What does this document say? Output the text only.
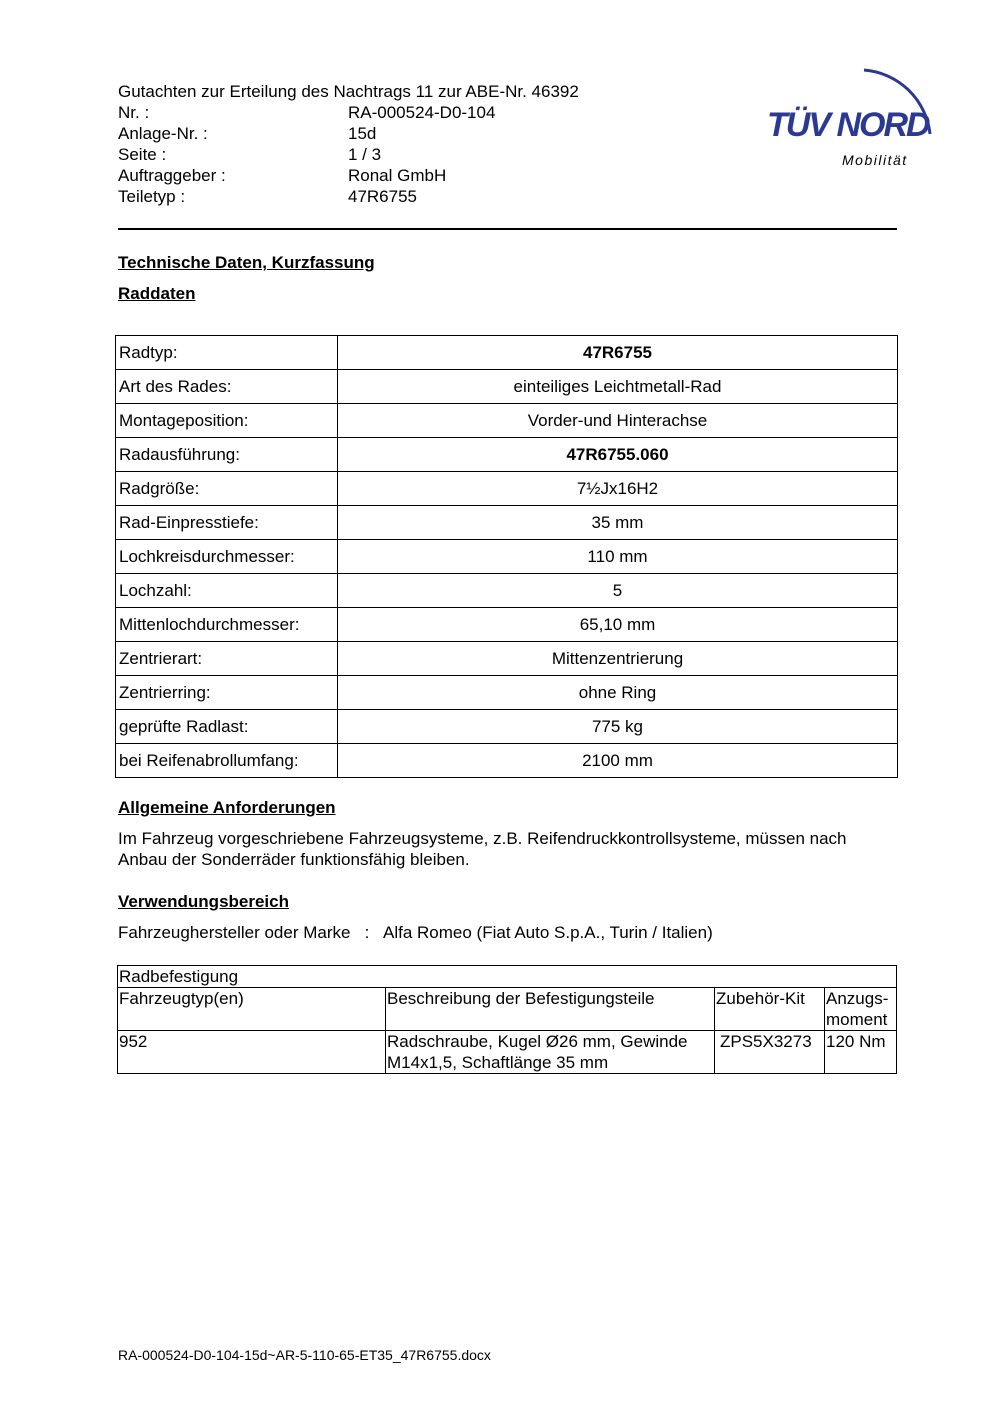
Gutachten zur Erteilung des Nachtrags 11 zur ABE-Nr. 46392
Nr. :	RA-000524-D0-104
Anlage-Nr. :	15d
Seite :	1 / 3
Auftraggeber :	Ronal GmbH
Teiletyp :	47R6755
TÜV NORD
Mobilität
Technische Daten, Kurzfassung
Raddaten
Radtyp:	47R6755
Art des Rades:	einteiliges Leichtmetall-Rad
Montageposition:	Vorder-und Hinterachse
Radausführung:	47R6755.060
Radgröße:	7½Jx16H2
Rad-Einpresstiefe:	35 mm
Lochkreisdurchmesser:	110 mm
Lochzahl:	5
Mittenlochdurchmesser:	65,10 mm
Zentrierart:	Mittenzentrierung
Zentrierring:	ohne Ring
geprüfte Radlast:	775 kg
bei Reifenabrollumfang:	2100 mm
Allgemeine Anforderungen
Im Fahrzeug vorgeschriebene Fahrzeugsysteme, z.B. Reifendruckkontrollsysteme, müssen nach Anbau der Sonderräder funktionsfähig bleiben.
Verwendungsbereich
Fahrzeughersteller oder Marke : Alfa Romeo (Fiat Auto S.p.A., Turin / Italien)
Radbefestigung			
Fahrzeugtyp(en)	Beschreibung der Befestigungsteile	Zubehör-Kit	Anzugs-moment
952	Radschraube, Kugel Ø26 mm, Gewinde M14x1,5, Schaftlänge 35 mm	ZPS5X3273	120 Nm
RA-000524-D0-104-15d~AR-5-110-65-ET35_47R6755.docx
